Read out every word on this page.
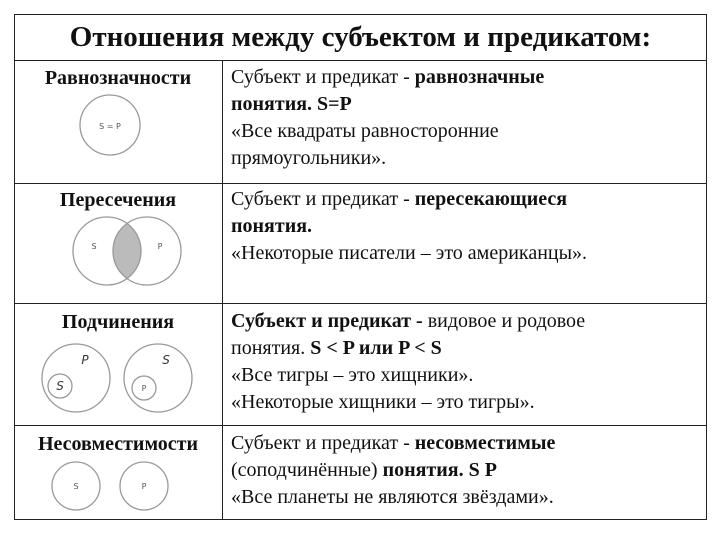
Отношения между субъектом и предикатом:
Равнозначности
S = P
Субъект и предикат - равнозначные
понятия. S=P
«Все квадраты равносторонние
прямоугольники».
Пересечения
S	P
Субъект и предикат - пересекающиеся
понятия.
«Некоторые писатели – это американцы».
Подчинения
P
S
S
P
Субъект и предикат - видовое и родовое
понятия. S < P или P < S
«Все тигры – это хищники».
«Некоторые хищники – это тигры».
Несовместимости
S	P
Субъект и предикат - несовместимые
(соподчинённые) понятия. S P
«Все планеты не являются звёздами».
